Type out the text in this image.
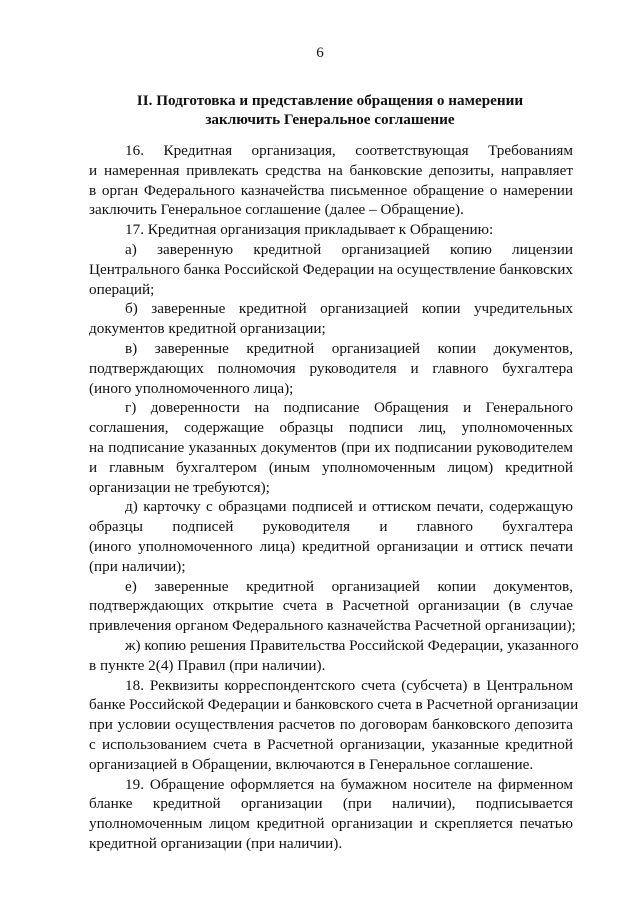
6
II. Подготовка и представление обращения о намерении
заключить Генеральное соглашение
16. Кредитная организация, соответствующая Требованиям
и намеренная привлекать средства на банковские депозиты, направляет
в орган Федерального казначейства письменное обращение о намерении
заключить Генеральное соглашение (далее – Обращение).
17. Кредитная организация прикладывает к Обращению:
а) заверенную кредитной организацией копию лицензии
Центрального банка Российской Федерации на осуществление банковских
операций;
б) заверенные кредитной организацией копии учредительных
документов кредитной организации;
в) заверенные кредитной организацией копии документов,
подтверждающих полномочия руководителя и главного бухгалтера
(иного уполномоченного лица);
г) доверенности на подписание Обращения и Генерального
соглашения, содержащие образцы подписи лиц, уполномоченных
на подписание указанных документов (при их подписании руководителем
и главным бухгалтером (иным уполномоченным лицом) кредитной
организации не требуются);
д) карточку с образцами подписей и оттиском печати, содержащую
образцы подписей руководителя и главного бухгалтера
(иного уполномоченного лица) кредитной организации и оттиск печати
(при наличии);
е) заверенные кредитной организацией копии документов,
подтверждающих открытие счета в Расчетной организации (в случае
привлечения органом Федерального казначейства Расчетной организации);
ж) копию решения Правительства Российской Федерации, указанного
в пункте 2(4) Правил (при наличии).
18. Реквизиты корреспондентского счета (субсчета) в Центральном
банке Российской Федерации и банковского счета в Расчетной организации
при условии осуществления расчетов по договорам банковского депозита
с использованием счета в Расчетной организации, указанные кредитной
организацией в Обращении, включаются в Генеральное соглашение.
19. Обращение оформляется на бумажном носителе на фирменном
бланке кредитной организации (при наличии), подписывается
уполномоченным лицом кредитной организации и скрепляется печатью
кредитной организации (при наличии).
